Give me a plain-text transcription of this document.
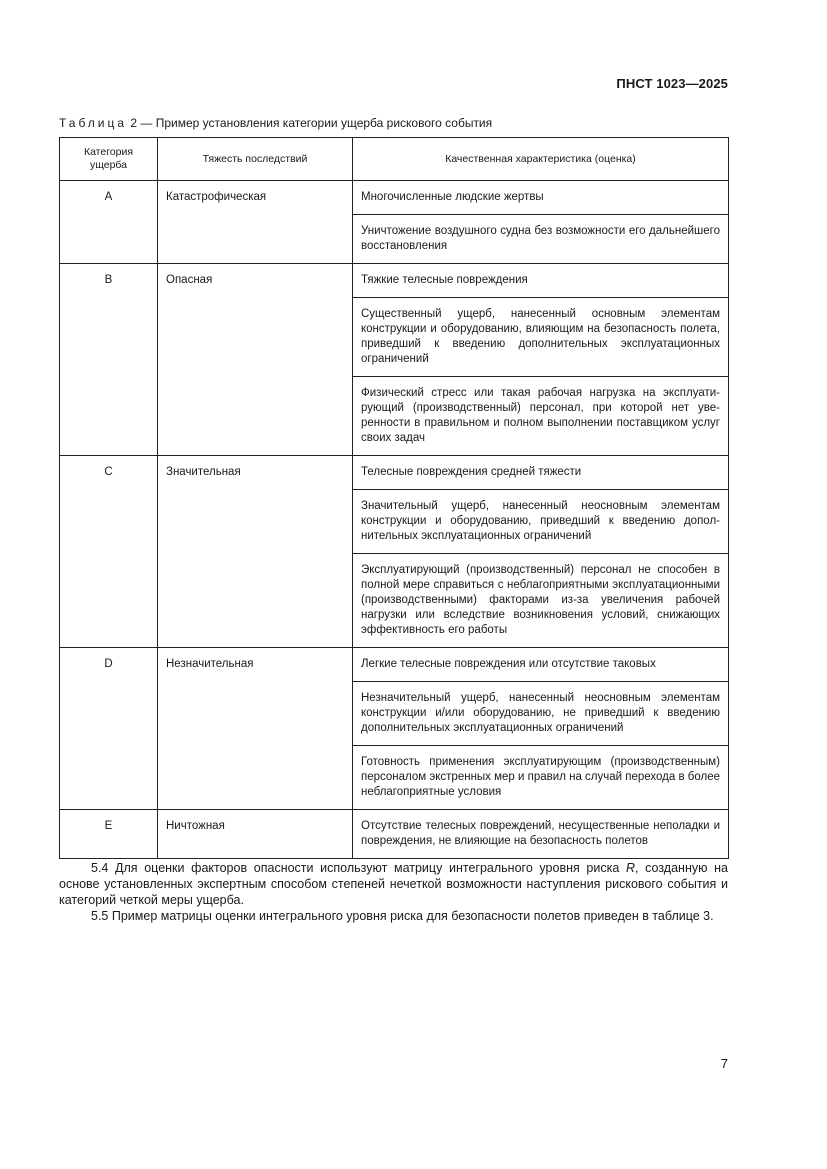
ПНСТ 1023—2025
Таблица 2 — Пример установления категории ущерба рискового события
Категория ущерба	Тяжесть последствий	Качественная характеристика (оценка)
A	Катастрофическая	Многочисленные людские жертвы
		Уничтожение воздушного судна без возможности его дальнейшего восстановления
B	Опасная	Тяжкие телесные повреждения
		Существенный ущерб, нанесенный основным элементам конструкции и оборудованию, влияющим на безопасность полета, приведший к введению дополнительных эксплуатационных ограничений
		Физический стресс или такая рабочая нагрузка на эксплуатирующий (производственный) персонал, при которой нет уверенности в правильном и полном выполнении поставщиком услуг своих задач
C	Значительная	Телесные повреждения средней тяжести
		Значительный ущерб, нанесенный неосновным элементам конструкции и оборудованию, приведший к введению дополнительных эксплуатационных ограничений
		Эксплуатирующий (производственный) персонал не способен в полной мере справиться с неблагоприятными эксплуатационными (производственными) факторами из-за увеличения рабочей нагрузки или вследствие возникновения условий, снижающих эффективность его работы
D	Незначительная	Легкие телесные повреждения или отсутствие таковых
		Незначительный ущерб, нанесенный неосновным элементам конструкции и/или оборудованию, не приведший к введению дополнительных эксплуатационных ограничений
		Готовность применения эксплуатирующим (производственным) персоналом экстренных мер и правил на случай перехода в более неблагоприятные условия
E	Ничтожная	Отсутствие телесных повреждений, несущественные неполадки и повреждения, не влияющие на безопасность полетов

5.4 Для оценки факторов опасности используют матрицу интегрального уровня риска R, созданную на основе установленных экспертным способом степеней нечеткой возможности наступления рискового события и категорий четкой меры ущерба.

5.5 Пример матрицы оценки интегрального уровня риска для безопасности полетов приведен в таблице 3.

7
